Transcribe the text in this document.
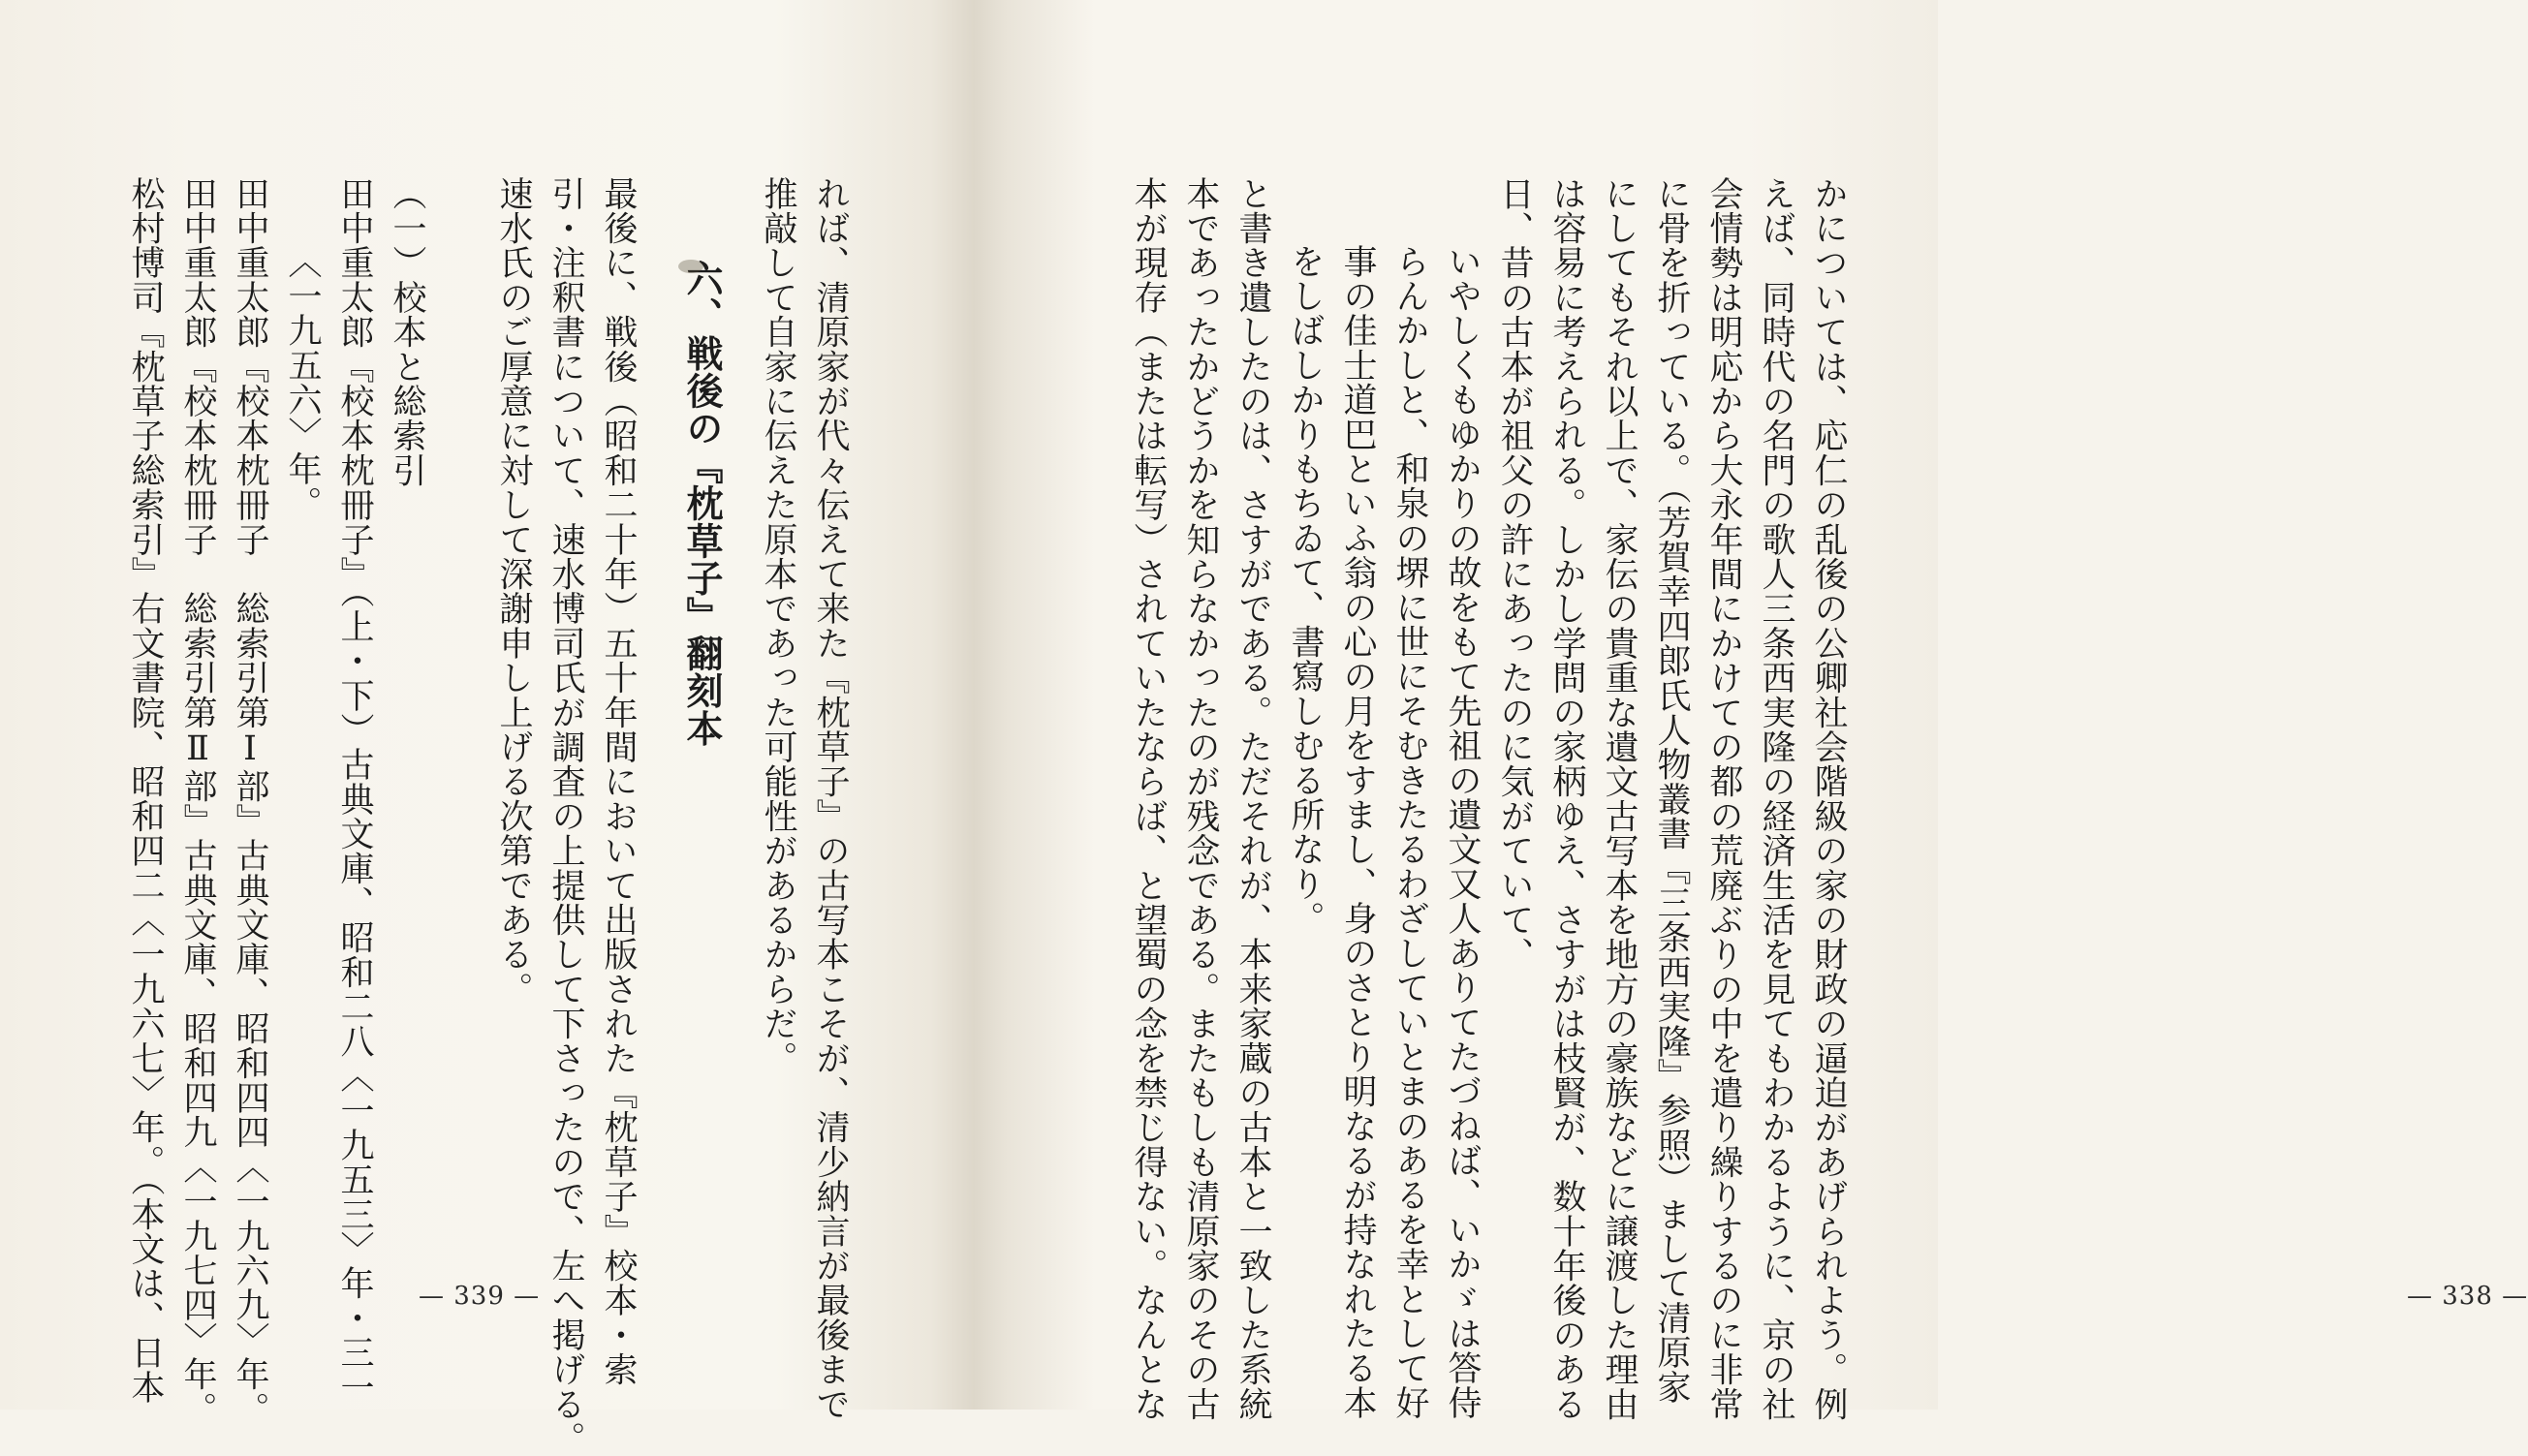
れば、清原家が代々伝えて来た『枕草子』の古写本こそが、清少納言が最後まで
推敲して自家に伝えた原本であった可能性があるからだ。
六、戦後の『枕草子』翻刻本
最後に、戦後（昭和二十年）五十年間において出版された『枕草子』校本・索
引・注釈書について、速水博司氏が調査の上提供して下さったので、左へ掲げる。
速水氏のご厚意に対して深謝申し上げる次第である。
（一）校本と総索引
田中重太郎『校本枕冊子』（上・下）古典文庫、昭和二八〈一九五三〉年・三一
〈一九五六〉年。
田中重太郎『校本枕冊子　総索引第Ⅰ部』古典文庫、昭和四四〈一九六九〉年。
田中重太郎『校本枕冊子　総索引第Ⅱ部』古典文庫、昭和四九〈一九七四〉年。
松村博司『枕草子総索引』右文書院、昭和四二〈一九六七〉年。（本文は、日本	— 339 —	かについては、応仁の乱後の公卿社会階級の家の財政の逼迫があげられよう。例
えば、同時代の名門の歌人三条西実隆の経済生活を見てもわかるように、京の社
会情勢は明応から大永年間にかけての都の荒廃ぶりの中を遣り繰りするのに非常
に骨を折っている。（芳賀幸四郎氏人物叢書『三条西実隆』参照）まして清原家
にしてもそれ以上で、家伝の貴重な遺文古写本を地方の豪族などに譲渡した理由
は容易に考えられる。しかし学問の家柄ゆえ、さすがは枝賢が、数十年後のある
日、昔の古本が祖父の許にあったのに気がていて、
いやしくもゆかりの故をもて先祖の遺文又人ありてたづねば、いかゞは答侍
らんかしと、和泉の堺に世にそむきたるわざしていとまのあるを幸として好
事の佳士道巴といふ翁の心の月をすまし、身のさとり明なるが持なれたる本
をしばしかりもちゐて、書寫しむる所なり。
と書き遺したのは、さすがである。ただそれが、本来家蔵の古本と一致した系統
本であったかどうかを知らなかったのが残念である。またもしも清原家のその古
本が現存（または転写）されていたならば、と望蜀の念を禁じ得ない。なんとな	— 338 —
